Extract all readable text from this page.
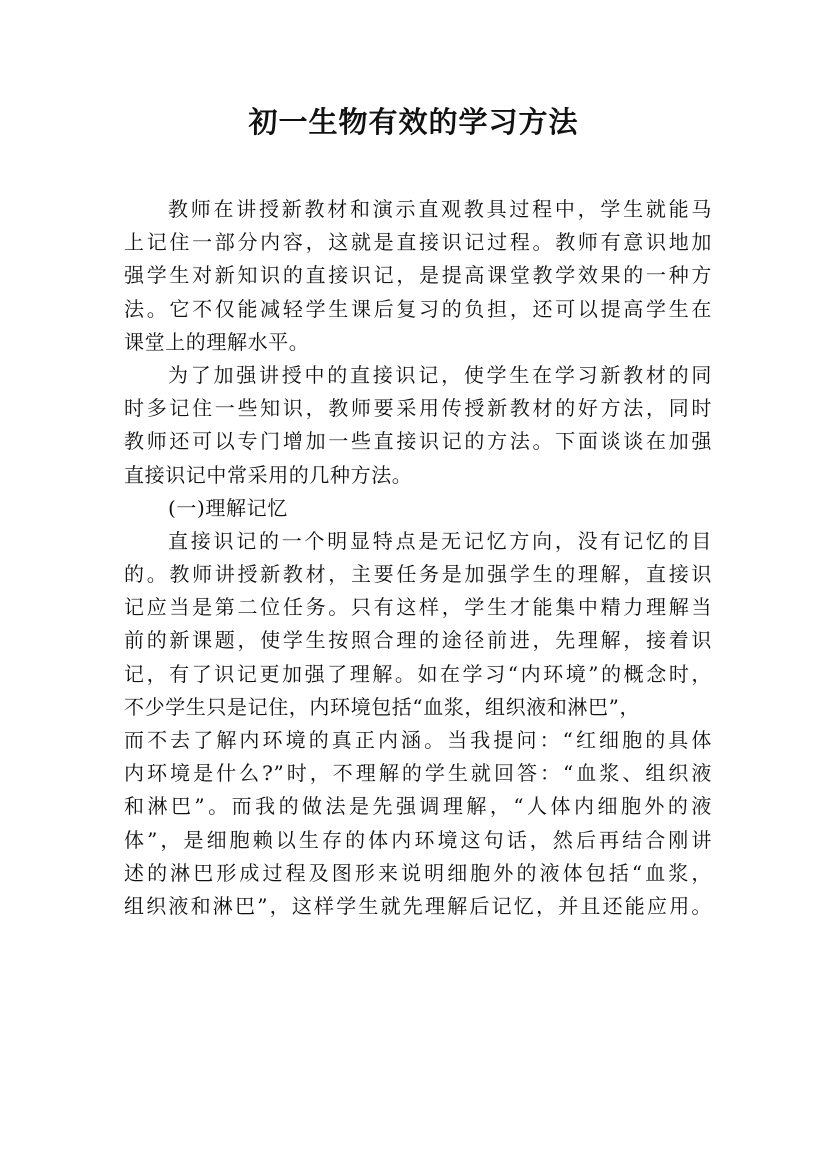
初一生物有效的学习方法
教师在讲授新教材和演示直观教具过程中，学生就能马
上记住一部分内容，这就是直接识记过程。教师有意识地加
强学生对新知识的直接识记，是提高课堂教学效果的一种方
法。它不仅能减轻学生课后复习的负担，还可以提高学生在
课堂上的理解水平。
为了加强讲授中的直接识记，使学生在学习新教材的同
时多记住一些知识，教师要采用传授新教材的好方法，同时
教师还可以专门增加一些直接识记的方法。下面谈谈在加强
直接识记中常采用的几种方法。
(一)理解记忆
直接识记的一个明显特点是无记忆方向，没有记忆的目
的。教师讲授新教材，主要任务是加强学生的理解，直接识
记应当是第二位任务。只有这样，学生才能集中精力理解当
前的新课题，使学生按照合理的途径前进，先理解，接着识
记，有了识记更加强了理解。如在学习“内环境”的概念时，
不少学生只是记住，内环境包括“血浆，组织液和淋巴”，
而不去了解内环境的真正内涵。当我提问：“红细胞的具体
内环境是什么?”时，不理解的学生就回答：“血浆、组织液
和淋巴”。而我的做法是先强调理解，“人体内细胞外的液
体”，是细胞赖以生存的体内环境这句话，然后再结合刚讲
述的淋巴形成过程及图形来说明细胞外的液体包括“血浆，
组织液和淋巴”，这样学生就先理解后记忆，并且还能应用。
